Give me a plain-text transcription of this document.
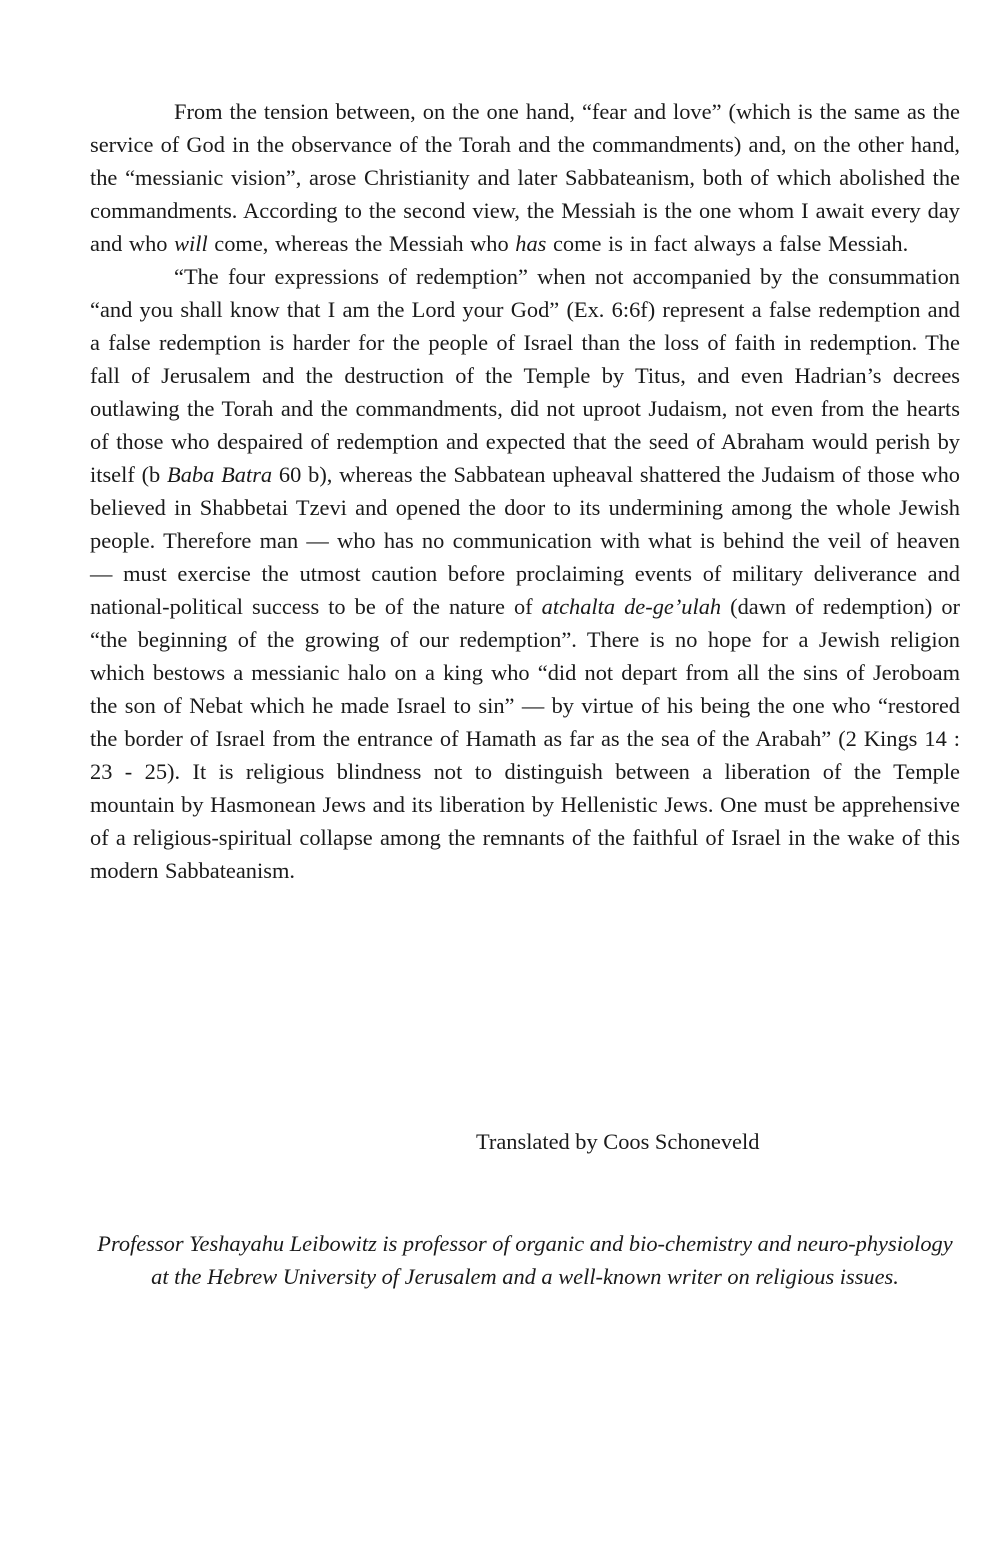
From the tension between, on the one hand, “fear and love” (which is the same as the service of God in the observance of the Torah and the commandments) and, on the other hand, the “messianic vision”, arose Christianity and later Sabbateanism, both of which abolished the commandments. According to the second view, the Messiah is the one whom I await every day and who will come, whereas the Messiah who has come is in fact always a false Messiah.

“The four expressions of redemption” when not accompanied by the consummation “and you shall know that I am the Lord your God” (Ex. 6:6f) represent a false redemption and a false redemption is harder for the people of Israel than the loss of faith in redemption. The fall of Jerusalem and the destruction of the Temple by Titus, and even Hadrian’s decrees outlawing the Torah and the commandments, did not uproot Judaism, not even from the hearts of those who despaired of redemption and expected that the seed of Abraham would perish by itself (b Baba Batra 60 b), whereas the Sabbatean upheaval shattered the Judaism of those who believed in Shabbetai Tzevi and opened the door to its undermining among the whole Jewish people. Therefore man — who has no communication with what is behind the veil of heaven — must exercise the utmost caution before proclaiming events of military deliverance and national-political success to be of the nature of atchalta de-ge’ulah (dawn of redemption) or “the beginning of the growing of our redemption”. There is no hope for a Jewish religion which bestows a messianic halo on a king who “did not depart from all the sins of Jeroboam the son of Nebat which he made Israel to sin” — by virtue of his being the one who “restored the border of Israel from the entrance of Hamath as far as the sea of the Arabah” (2 Kings 14 : 23 - 25). It is religious blindness not to distinguish between a liberation of the Temple mountain by Hasmonean Jews and its liberation by Hellenistic Jews. One must be apprehensive of a religious-spiritual collapse among the remnants of the faithful of Israel in the wake of this modern Sabbateanism.

Translated by Coos Schoneveld

Professor Yeshayahu Leibowitz is professor of organic and bio-chemistry and neuro-physiology at the Hebrew University of Jerusalem and a well-known writer on religious issues.
